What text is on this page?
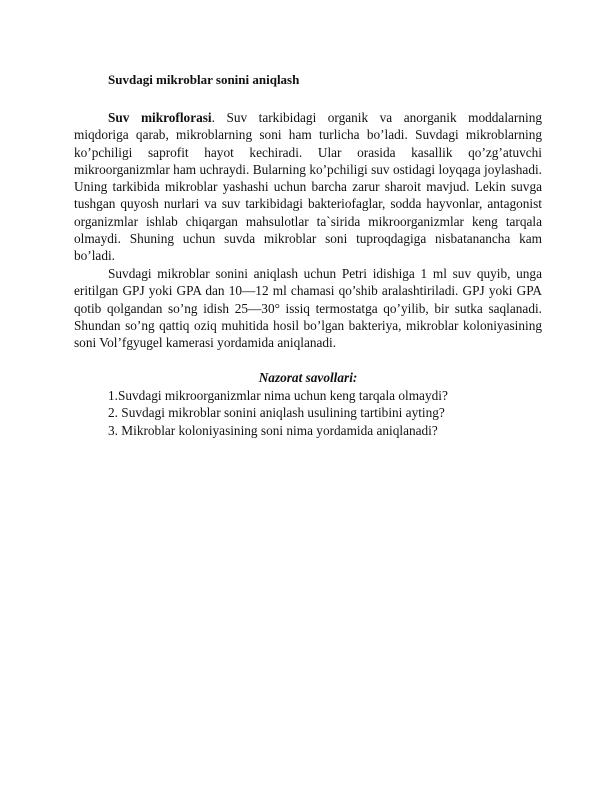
Suvdagi mikroblar sonini aniqlash

Suv mikroflorasi. Suv tarkibidagi organik va anorganik moddalarning miqdoriga qarab, mikroblarning soni ham turlicha bo’ladi. Suvdagi mikroblarning ko’pchiligi saprofit hayot kechiradi. Ular orasida kasallik qo’zg’atuvchi mikroorganizmlar ham uchraydi. Bularning ko’pchiligi suv ostidagi loyqaga joylashadi. Uning tarkibida mikroblar yashashi uchun barcha zarur sharoit mavjud. Lekin suvga tushgan quyosh nurlari va suv tarkibidagi bakteriofaglar, sodda hayvonlar, antagonist organizmlar ishlab chiqargan mahsulotlar ta`sirida mikroorganizmlar keng tarqala olmaydi. Shuning uchun suvda mikroblar soni tuproqdagiga nisbatanancha kam bo’ladi.

Suvdagi mikroblar sonini aniqlash uchun Petri idishiga 1 ml suv quyib, unga eritilgan GPJ yoki GPA dan 10—12 ml chamasi qo’shib aralashtiriladi. GPJ yoki GPA qotib qolgandan so’ng idish 25—30° issiq termostatga qo’yilib, bir sutka saqlanadi. Shundan so’ng qattiq oziq muhitida hosil bo’lgan bakteriya, mikroblar koloniyasining soni Vol’fgyugel kamerasi yordamida aniqlanadi.

Nazorat savollari:

1.Suvdagi mikroorganizmlar nima uchun keng tarqala olmaydi?
2. Suvdagi mikroblar sonini aniqlash usulining tartibini ayting?
3. Mikroblar koloniyasining soni nima yordamida aniqlanadi?
